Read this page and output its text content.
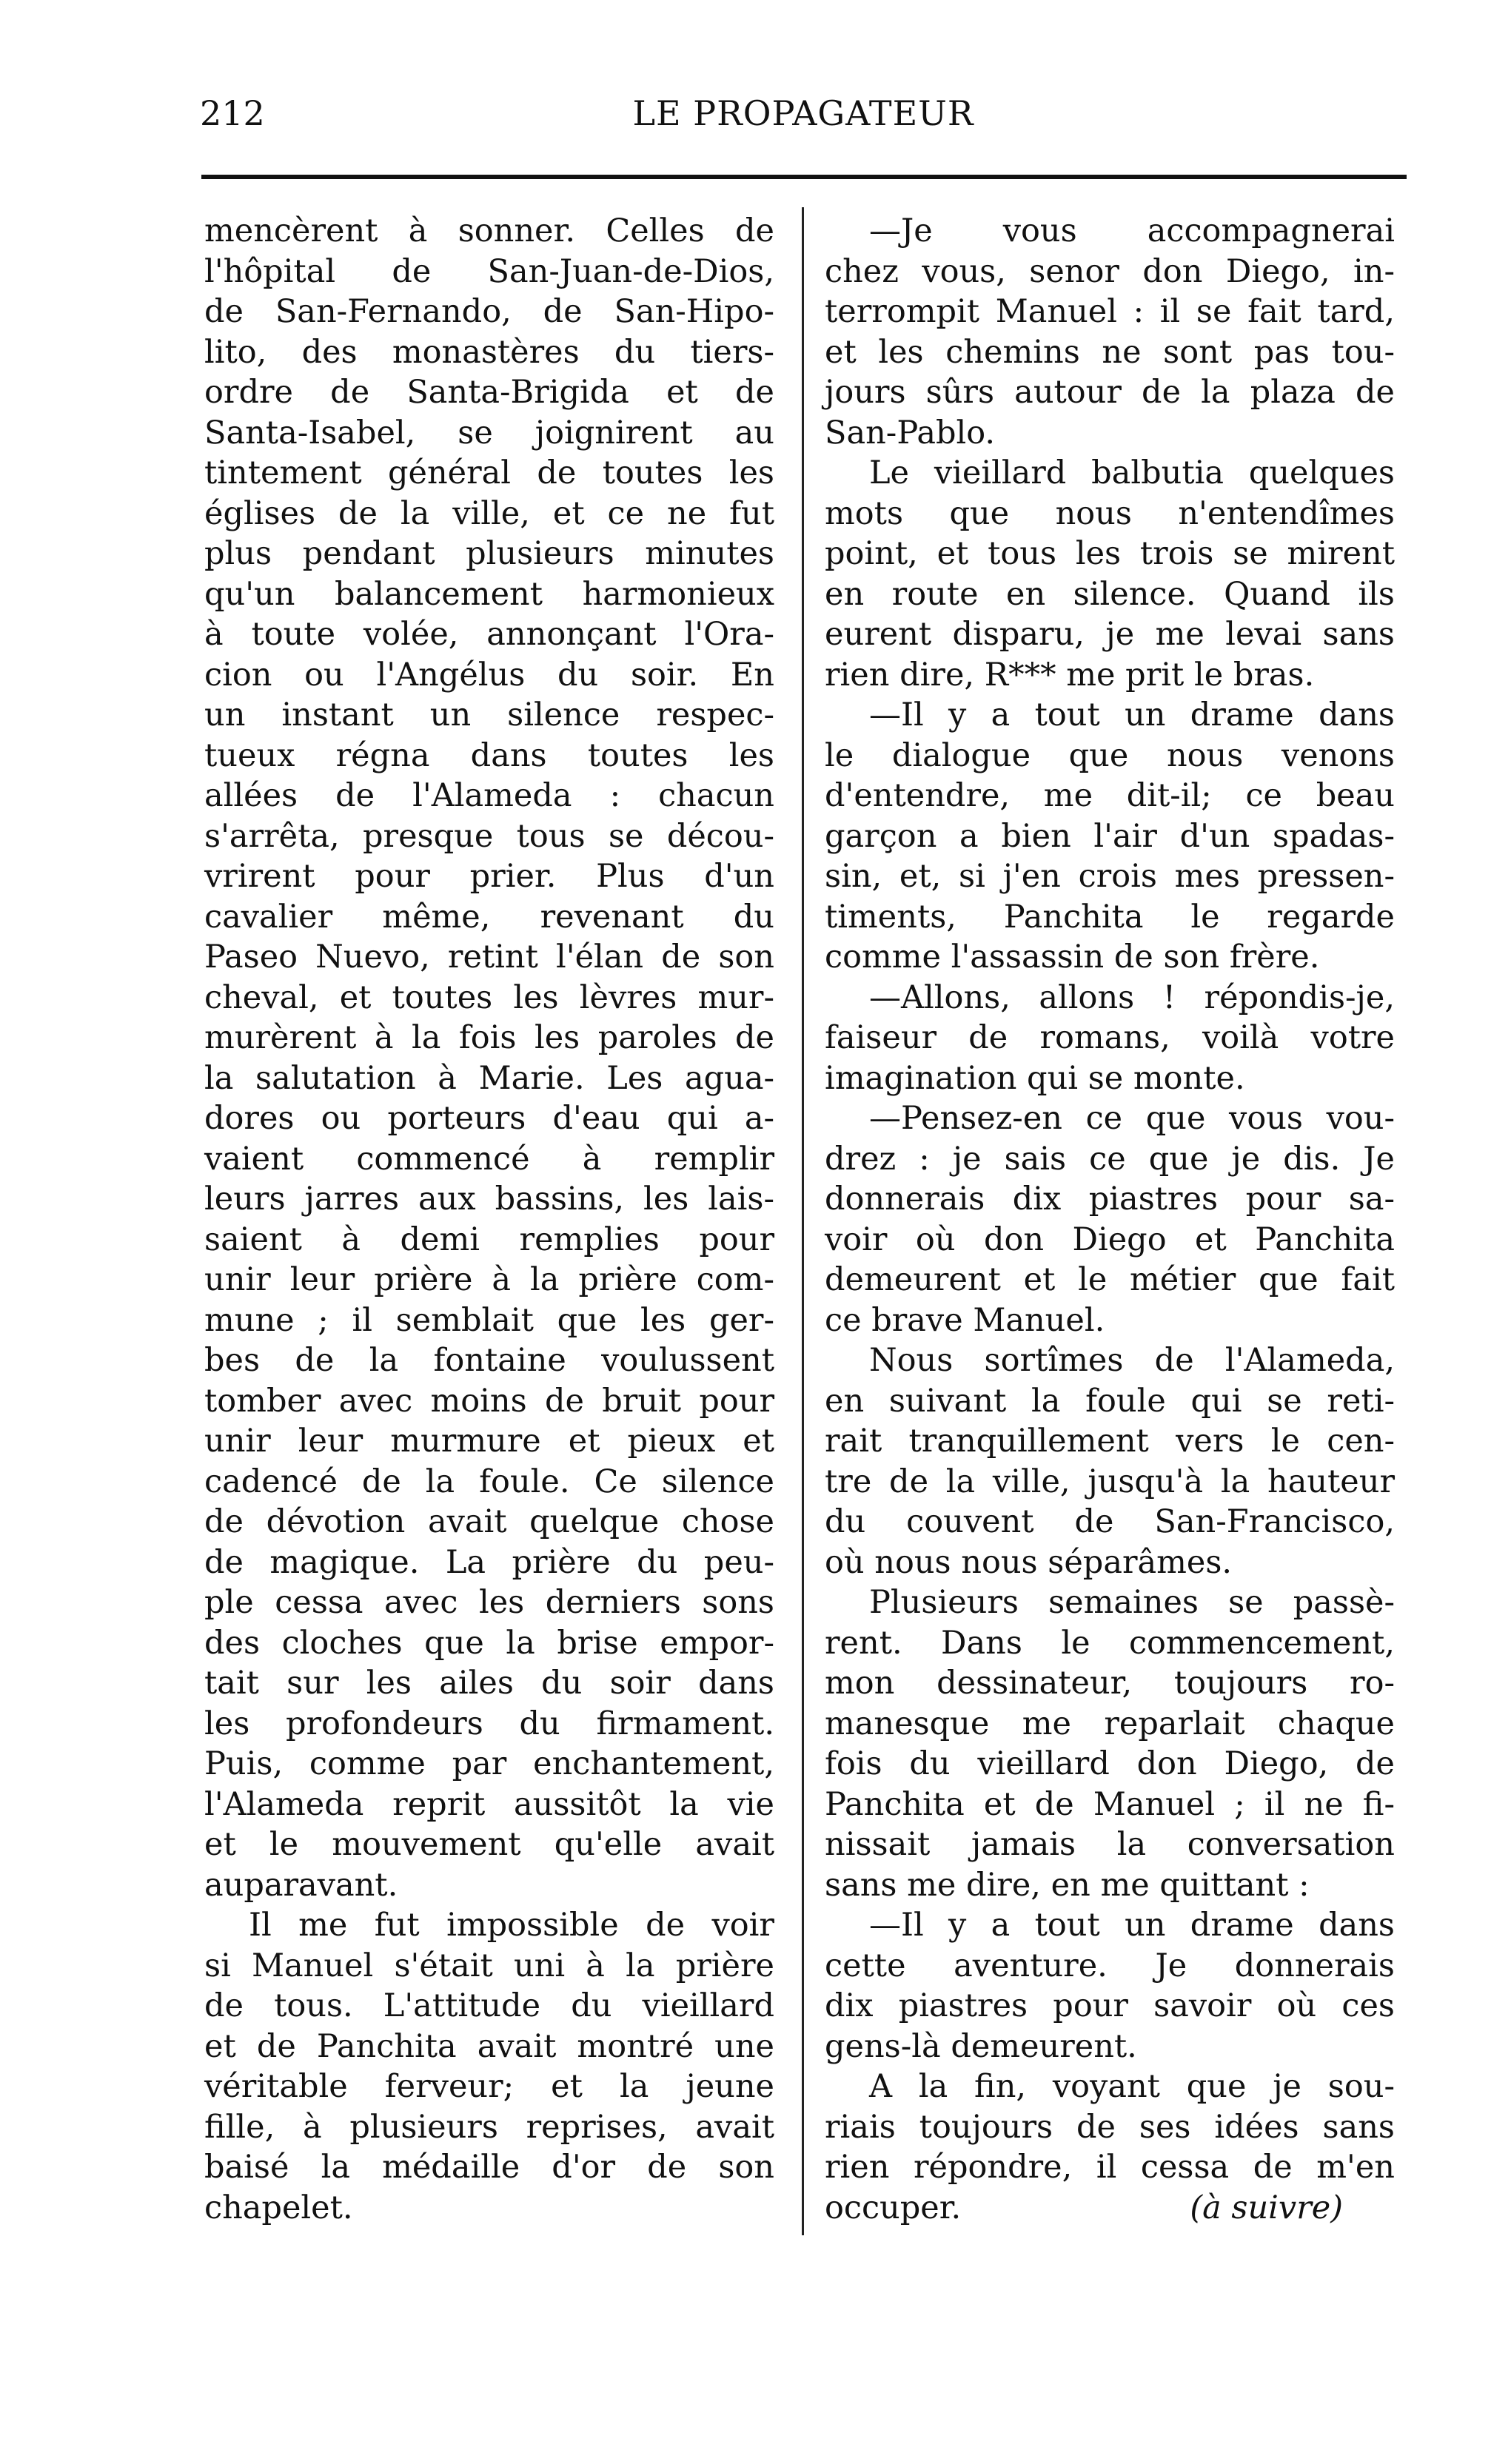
212	LE PROPAGATEUR
mencèrent à sonner. Celles de
l'hôpital de San-Juan-de-Dios,
de San-Fernando, de San-Hipo-
lito, des monastères du tiers-
ordre de Santa-Brigida et de
Santa-Isabel, se joignirent au
tintement général de toutes les
églises de la ville, et ce ne fut
plus pendant plusieurs minutes
qu'un balancement harmonieux
à toute volée, annonçant l'Ora-
cion ou l'Angélus du soir. En
un instant un silence respec-
tueux régna dans toutes les
allées de l'Alameda : chacun
s'arrêta, presque tous se décou-
vrirent pour prier. Plus d'un
cavalier même, revenant du
Paseo Nuevo, retint l'élan de son
cheval, et toutes les lèvres mur-
murèrent à la fois les paroles de
la salutation à Marie. Les agua-
dores ou porteurs d'eau qui a-
vaient commencé à remplir
leurs jarres aux bassins, les lais-
saient à demi remplies pour
unir leur prière à la prière com-
mune ; il semblait que les ger-
bes de la fontaine voulussent
tomber avec moins de bruit pour
unir leur murmure et pieux et
cadencé de la foule. Ce silence
de dévotion avait quelque chose
de magique. La prière du peu-
ple cessa avec les derniers sons
des cloches que la brise empor-
tait sur les ailes du soir dans
les profondeurs du firmament.
Puis, comme par enchantement,
l'Alameda reprit aussitôt la vie
et le mouvement qu'elle avait
auparavant.
Il me fut impossible de voir
si Manuel s'était uni à la prière
de tous. L'attitude du vieillard
et de Panchita avait montré une
véritable ferveur; et la jeune
fille, à plusieurs reprises, avait
baisé la médaille d'or de son
chapelet.
—Je vous accompagnerai
chez vous, senor don Diego, in-
terrompit Manuel : il se fait tard,
et les chemins ne sont pas tou-
jours sûrs autour de la plaza de
San-Pablo.
Le vieillard balbutia quelques
mots que nous n'entendîmes
point, et tous les trois se mirent
en route en silence. Quand ils
eurent disparu, je me levai sans
rien dire, R*** me prit le bras.
—Il y a tout un drame dans
le dialogue que nous venons
d'entendre, me dit-il; ce beau
garçon a bien l'air d'un spadas-
sin, et, si j'en crois mes pressen-
timents, Panchita le regarde
comme l'assassin de son frère.
—Allons, allons ! répondis-je,
faiseur de romans, voilà votre
imagination qui se monte.
—Pensez-en ce que vous vou-
drez : je sais ce que je dis. Je
donnerais dix piastres pour sa-
voir où don Diego et Panchita
demeurent et le métier que fait
ce brave Manuel.
Nous sortîmes de l'Alameda,
en suivant la foule qui se reti-
rait tranquillement vers le cen-
tre de la ville, jusqu'à la hauteur
du couvent de San-Francisco,
où nous nous séparâmes.
Plusieurs semaines se passè-
rent. Dans le commencement,
mon dessinateur, toujours ro-
manesque me reparlait chaque
fois du vieillard don Diego, de
Panchita et de Manuel ; il ne fi-
nissait jamais la conversation
sans me dire, en me quittant :
—Il y a tout un drame dans
cette aventure. Je donnerais
dix piastres pour savoir où ces
gens-là demeurent.
A la fin, voyant que je sou-
riais toujours de ses idées sans
rien répondre, il cessa de m'en
occuper.	(à suivre)
